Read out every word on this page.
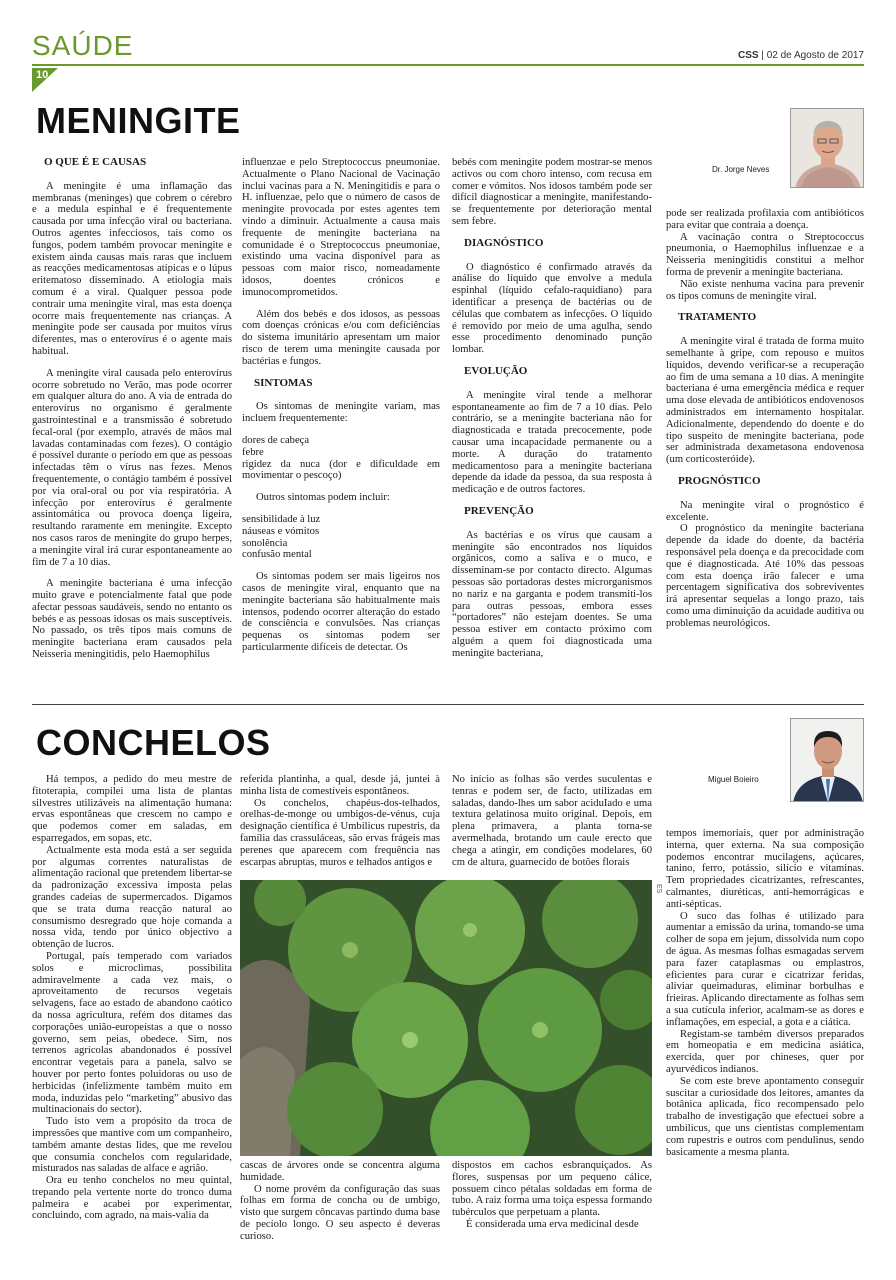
SAÚDE	CSS | 02 de Agosto de 2017
10
MENINGITE
Dr. Jorge Neves
O QUE É E CAUSAS

A meningite é uma inflamação das membranas (meninges) que cobrem o cérebro e a medula espinhal e é frequentemente causada por uma infecção viral ou bacteriana. Outros agentes infecciosos, tais como os fungos, podem também provocar meningite e existem ainda causas mais raras que incluem as reacções medicamentosas atípicas e o lúpus eritematoso disseminado. A etiologia mais comum é a viral. Qualquer pessoa pode contrair uma meningite viral, mas esta doença ocorre mais frequentemente nas crianças. A meningite pode ser causada por muitos vírus diferentes, mas o enterovírus é o agente mais habitual.

A meningite viral causada pelo enterovírus ocorre sobretudo no Verão, mas pode ocorrer em qualquer altura do ano. A via de entrada do enterovírus no organismo é geralmente gastrointestinal e a transmissão é sobretudo fecal-oral (por exemplo, através de mãos mal lavadas contaminadas com fezes). O contágio é possível durante o período em que as pessoas infectadas têm o vírus nas fezes. Menos frequentemente, o contágio também é possível por via oral-oral ou por via respiratória. A infecção por enterovírus é geralmente assintomática ou provoca doença ligeira, resultando raramente em meningite. Excepto nos casos raros de meningite do grupo herpes, a meningite viral irá curar espontaneamente ao fim de 7 a 10 dias.

A meningite bacteriana é uma infecção muito grave e potencialmente fatal que pode afectar pessoas saudáveis, sendo no entanto os bebés e as pessoas idosas os mais susceptíveis. No passado, os três tipos mais comuns de meningite bacteriana eram causados pela Neisseria meningitidis, pelo Haemophilus

influenzae e pelo Streptococcus pneumoniae. Actualmente o Plano Nacional de Vacinação inclui vacinas para a N. Meningitidis e para o H. influenzae, pelo que o número de casos de meningite provocada por estes agentes tem vindo a diminuir. Actualmente a causa mais frequente de meningite bacteriana na comunidade é o Streptococcus pneumoniae, existindo uma vacina disponível para as pessoas com maior risco, nomeadamente idosos, doentes crónicos e imunocomprometidos.

Além dos bebés e dos idosos, as pessoas com doenças crónicas e/ou com deficiências do sistema imunitário apresentam um maior risco de terem uma meningite causada por bactérias e fungos.

SINTOMAS

Os sintomas de meningite variam, mas incluem frequentemente:

dores de cabeça
febre
rigidez da nuca (dor e dificuldade em movimentar o pescoço)

Outros sintomas podem incluir:

sensibilidade à luz
náuseas e vómitos
sonolência
confusão mental

Os sintomas podem ser mais ligeiros nos casos de meningite viral, enquanto que na meningite bacteriana são habitualmente mais intensos, podendo ocorrer alteração do estado de consciência e convulsões. Nas crianças pequenas os sintomas podem ser particularmente difíceis de detectar. Os

bebés com meningite podem mostrar-se menos activos ou com choro intenso, com recusa em comer e vómitos. Nos idosos também pode ser difícil diagnosticar a meningite, manifestando-se frequentemente por deterioração mental sem febre.

DIAGNÓSTICO

O diagnóstico é confirmado através da análise do líquido que envolve a medula espinhal (líquido cefalo-raquidiano) para identificar a presença de bactérias ou de células que combatem as infecções. O líquido é removido por meio de uma agulha, sendo esse procedimento denominado punção lombar.

EVOLUÇÃO

A meningite viral tende a melhorar espontaneamente ao fim de 7 a 10 dias. Pelo contrário, se a meningite bacteriana não for diagnosticada e tratada precocemente, pode causar uma incapacidade permanente ou a morte. A duração do tratamento medicamentoso para a meningite bacteriana depende da idade da pessoa, da sua resposta à medicação e de outros factores.

PREVENÇÃO

As bactérias e os vírus que causam a meningite são encontrados nos líquidos orgânicos, como a saliva e o muco, e disseminam-se por contacto directo. Algumas pessoas são portadoras destes microrganismos no nariz e na garganta e podem transmiti-los para outras pessoas, embora esses “portadores” não estejam doentes. Se uma pessoa estiver em contacto próximo com alguém a quem foi diagnosticada uma meningite bacteriana,

pode ser realizada profilaxia com antibióticos para evitar que contraia a doença.

A vacinação contra o Streptococcus pneumonia, o Haemophilus influenzae e a Neisseria meningitidis constitui a melhor forma de prevenir a meningite bacteriana.

Não existe nenhuma vacina para prevenir os tipos comuns de meningite viral.

TRATAMENTO

A meningite viral é tratada de forma muito semelhante à gripe, com repouso e muitos líquidos, devendo verificar-se a recuperação ao fim de uma semana a 10 dias. A meningite bacteriana é uma emergência médica e requer uma dose elevada de antibióticos endovenosos administrados em internamento hospitalar. Adicionalmente, dependendo do doente e do tipo suspeito de meningite bacteriana, pode ser administrada dexametasona endovenosa (um corticosteróide).

PROGNÓSTICO

Na meningite viral o prognóstico é excelente.

O prognóstico da meningite bacteriana depende da idade do doente, da bactéria responsável pela doença e da precocidade com que é diagnosticada. Até 10% das pessoas com esta doença irão falecer e uma percentagem significativa dos sobreviventes irá apresentar sequelas a longo prazo, tais como uma diminuição da acuidade auditiva ou problemas neurológicos.

CONCHELOS
Miguel Boieiro

Há tempos, a pedido do meu mestre de fitoterapia, compilei uma lista de plantas silvestres utilizáveis na alimentação humana: ervas espontâneas que crescem no campo e que podemos comer em saladas, em esparregados, em sopas, etc.

Actualmente esta moda está a ser seguida por algumas correntes naturalistas de alimentação racional que pretendem libertar-se da padronização excessiva imposta pelas grandes cadeias de supermercados. Digamos que se trata duma reacção natural ao consumismo desregrado que hoje comanda a nossa vida, tendo por único objectivo a obtenção de lucros.

Portugal, país temperado com variados solos e microclimas, possibilita admiravelmente a cada vez mais, o aproveitamento de recursos vegetais selvagens, face ao estado de abandono caótico da nossa agricultura, refém dos ditames das corporações união-europeístas a que o nosso governo, sem peias, obedece. Sim, nos terrenos agrícolas abandonados é possível encontrar vegetais para a panela, salvo se houver por perto fontes poluidoras ou uso de herbicidas (infelizmente também muito em moda, induzidas pelo “marketing” abusivo das multinacionais do sector).

Tudo isto vem a propósito da troca de impressões que mantive com um companheiro, também amante destas lides, que me revelou que consumia conchelos com regularidade, misturados nas saladas de alface e agrião.

Ora eu tenho conchelos no meu quintal, trepando pela vertente norte do tronco duma palmeira e acabei por experimentar, concluindo, com agrado, na mais-valia da

referida plantinha, a qual, desde já, juntei à minha lista de comestíveis espontâneos.

Os conchelos, chapéus-dos-telhados, orelhas-de-monge ou umbigos-de-vénus, cuja designação científica é Umbilicus rupestris, da família das crassuláceas, são ervas frágeis mas perenes que aparecem com frequência nas escarpas abruptas, muros e telhados antigos e

No início as folhas são verdes suculentas e tenras e podem ser, de facto, utilizadas em saladas, dando-lhes um sabor aciduIado e uma textura gelatinosa muito original. Depois, em plena primavera, a planta torna-se avermelhada, brotando um caule erecto que chega a atingir, em condições modelares, 60 cm de altura, guarnecido de botões florais

ES

cascas de árvores onde se concentra alguma humidade.

O nome provém da configuração das suas folhas em forma de concha ou de umbigo, visto que surgem côncavas partindo duma base de pecíolo longo. O seu aspecto é deveras curioso.

dispostos em cachos esbranquiçados. As flores, suspensas por um pequeno cálice, possuem cinco pétalas soldadas em forma de tubo. A raiz forma uma toiça espessa formando tubérculos que perpetuam a planta.

É considerada uma erva medicinal desde

tempos imemoriais, quer por administração interna, quer externa. Na sua composição podemos encontrar mucilagens, açúcares, tanino, ferro, potássio, silício e vitaminas. Tem propriedades cicatrizantes, refrescantes, calmantes, diuréticas, anti-hemorrágicas e anti-sépticas.

O suco das folhas é utilizado para aumentar a emissão da urina, tomando-se uma colher de sopa em jejum, dissolvida num copo de água. As mesmas folhas esmagadas servem para fazer cataplasmas ou emplastros, eficientes para curar e cicatrizar feridas, aliviar queimaduras, eliminar borbulhas e frieiras. Aplicando directamente as folhas sem a sua cutícula inferior, acalmam-se as dores e inflamações, em especial, a gota e a ciática.

Registam-se também diversos preparados em homeopatia e em medicina asiática, exercida, quer por chineses, quer por ayurvédicos indianos.

Se com este breve apontamento conseguir suscitar a curiosidade dos leitores, amantes da botânica aplicada, fico recompensado pelo trabalho de investigação que efectuei sobre a umbilicus, que uns cientistas complementam com rupestris e outros com pendulinus, sendo basicamente a mesma planta.
